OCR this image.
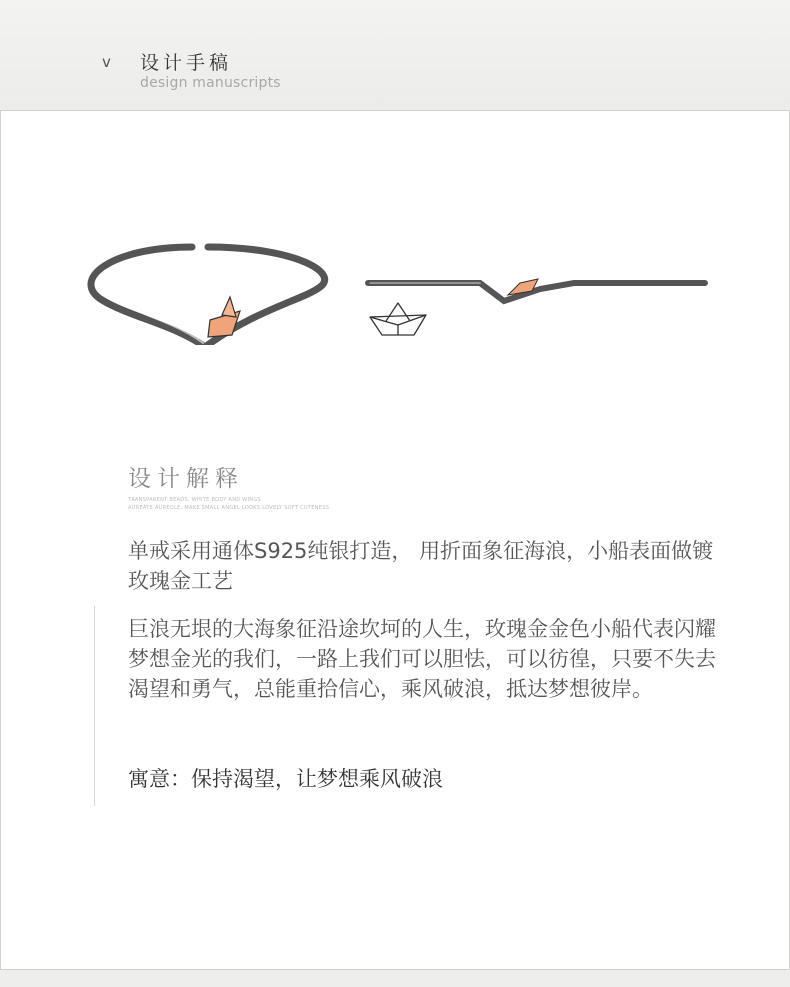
v 设计手稿
design manuscripts
设计解释
TRANSPARENT BEADS, WHITE BODY AND WINGS
AUREATE AUREOLE, MAKE SMALL ANGEL LOOKS LOVELY SOFT CUTENESS
单戒采用通体S925纯银打造， 用折面象征海浪，小船表面做镀玫瑰金工艺
巨浪无垠的大海象征沿途坎坷的人生，玫瑰金金色小船代表闪耀梦想金光的我们，一路上我们可以胆怯，可以彷徨，只要不失去渴望和勇气，总能重拾信心，乘风破浪，抵达梦想彼岸。
寓意：保持渴望，让梦想乘风破浪
